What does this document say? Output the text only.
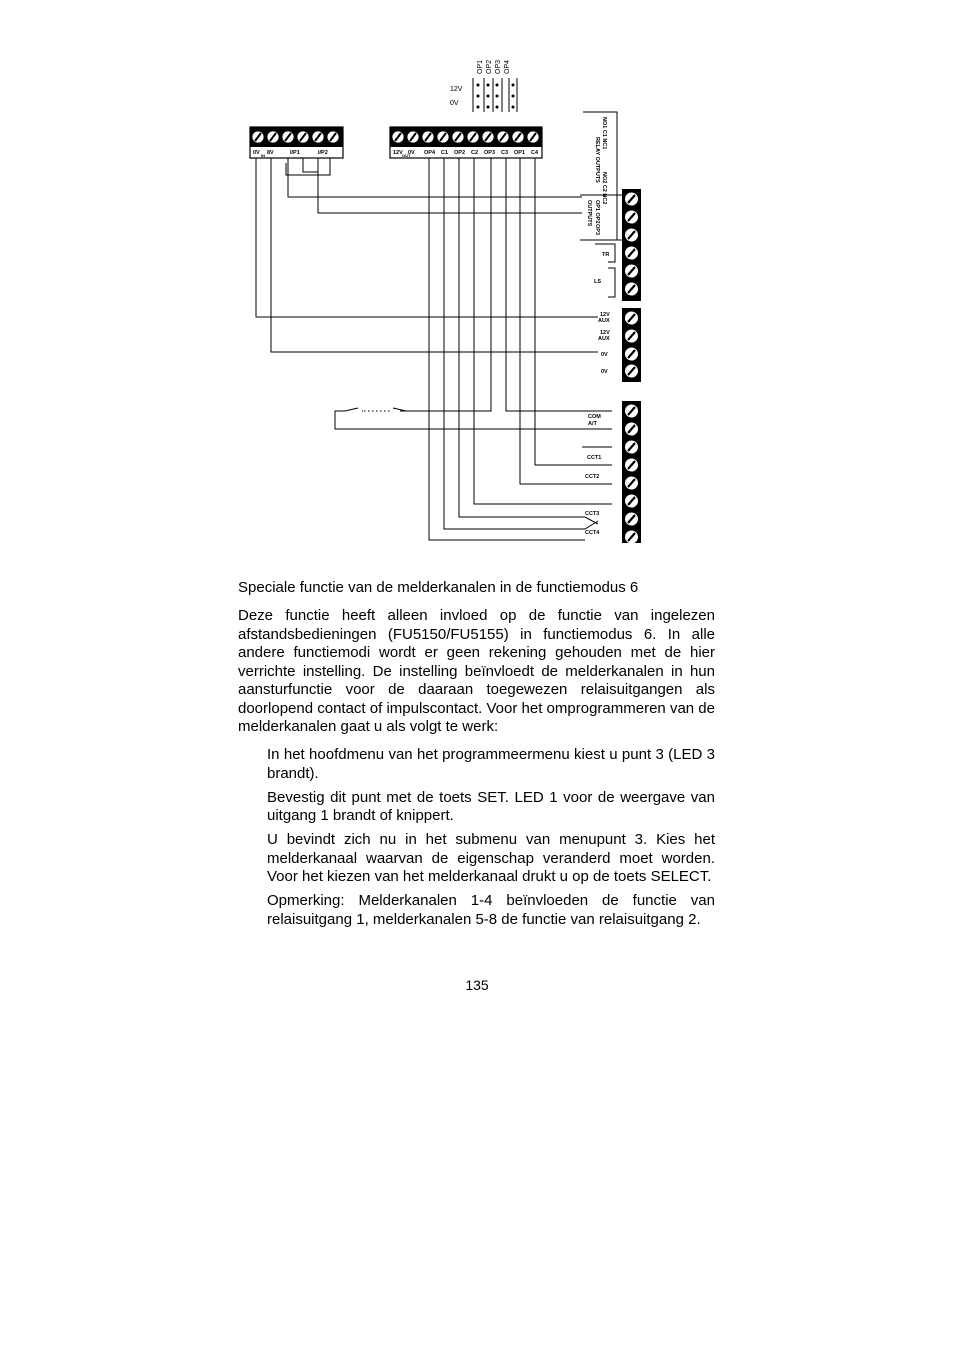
OP1 OP2 OP3 OP4
12V
0V
0V 8V
IN	I/P1	I/P2	12V 0V
OUT OP4 C1 OP2 C2 OP3 C3 OP1 C4
NO1 C1 NC1
RELAY OUTPUTS
NO2 C2 NC2
OP1 OP2
OUTPUTS
OP3
TR
LS
12V
AUX
12V
AUX
0V
0V
COM
A/T
CCT1
CCT2
CCT3
CCT4
Speciale functie van de melderkanalen in de functiemodus 6

Deze functie heeft alleen invloed op de functie van ingelezen afstandsbedieningen (FU5150/FU5155) in functiemodus 6. In alle andere functiemodi wordt er geen rekening gehouden met de hier verrichte instelling. De instelling beïnvloedt de melderkanalen in hun aansturfunctie voor de daaraan toegewezen relaisuitgangen als doorlopend contact of impulscontact. Voor het omprogrammeren van de melderkanalen gaat u als volgt te werk:

In het hoofdmenu van het programmeermenu kiest u punt 3 (LED 3 brandt).

Bevestig dit punt met de toets SET. LED 1 voor de weergave van uitgang 1 brandt of knippert.

U bevindt zich nu in het submenu van menupunt 3. Kies het melderkanaal waarvan de eigenschap veranderd moet worden. Voor het kiezen van het melderkanaal drukt u op de toets SELECT.

Opmerking: Melderkanalen 1-4 beïnvloeden de functie van relaisuitgang 1, melderkanalen 5-8 de functie van relaisuitgang 2.

135
